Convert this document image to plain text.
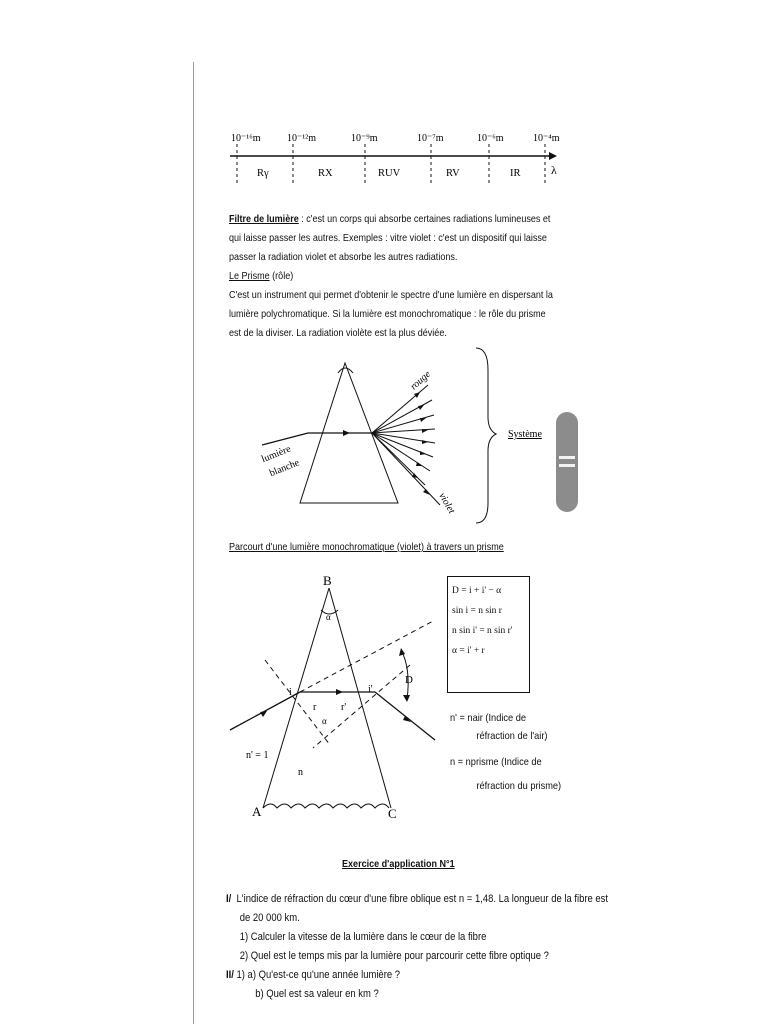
10⁻¹⁶m	10⁻¹²m	10⁻⁹m	10⁻⁷m	10⁻⁶m	10⁻⁴m
Rγ	RX	RUV	RV	IR	λ
Filtre de lumière : c'est un corps qui absorbe certaines radiations lumineuses et qui laisse passer les autres. Exemples : vitre violet : c'est un dispositif qui laisse passer la radiation violet et absorbe les autres radiations.
Le Prisme (rôle)
C'est un instrument qui permet d'obtenir le spectre d'une lumière en dispersant la lumière polychromatique. Si la lumière est monochromatique : le rôle du prisme est de la diviser. La radiation violète est la plus déviée.
rouge
violet
lumière
blanche
Système
Parcourt d'une lumière monochromatique (violet) à travers un prisme
B
A	C
α
α
i
r r'
i'
D
n' = 1
n
D = i + i' − α
sin i = n sin r
n sin i' = n sin r'
α = i' + r
n' = nair (Indice de
réfraction de l'air)
n = nprisme (Indice de
réfraction du prisme)
Exercice d'application N°1
I/ L'indice de réfraction du cœur d'une fibre oblique est n = 1,48. La longueur de la fibre est
de 20 000 km.
1) Calculer la vitesse de la lumière dans le cœur de la fibre
2) Quel est le temps mis par la lumière pour parcourir cette fibre optique ?
II/ 1) a) Qu'est-ce qu'une année lumière ?
b) Quel est sa valeur en km ?
